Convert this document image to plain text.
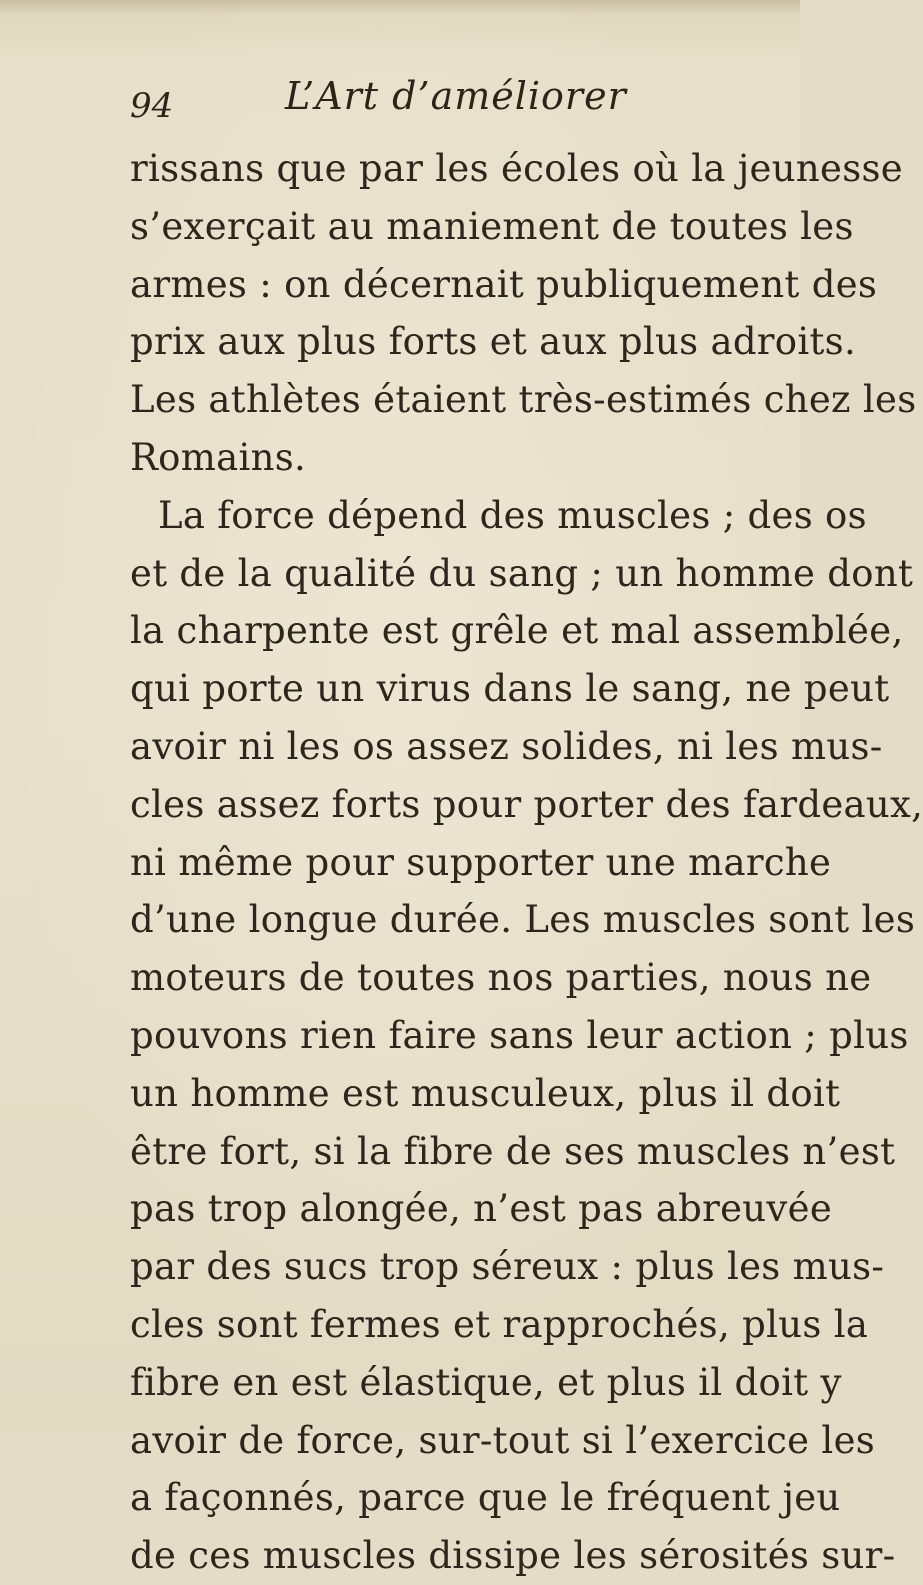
94	L’Art d’améliorer
rissans que par les écoles où la jeunesse
s’exerçait au maniement de toutes les
armes : on décernait publiquement des
prix aux plus forts et aux plus adroits.
Les athlètes étaient très-estimés chez les
Romains.
La force dépend des muscles ; des os
et de la qualité du sang ; un homme dont
la charpente est grêle et mal assemblée,
qui porte un virus dans le sang, ne peut
avoir ni les os assez solides, ni les mus-
cles assez forts pour porter des fardeaux,
ni même pour supporter une marche
d’une longue durée. Les muscles sont les
moteurs de toutes nos parties, nous ne
pouvons rien faire sans leur action ; plus
un homme est musculeux, plus il doit
être fort, si la fibre de ses muscles n’est
pas trop alongée, n’est pas abreuvée
par des sucs trop séreux : plus les mus-
cles sont fermes et rapprochés, plus la
fibre en est élastique, et plus il doit y
avoir de force, sur-tout si l’exercice les
a façonnés, parce que le fréquent jeu
de ces muscles dissipe les sérosités sur-
